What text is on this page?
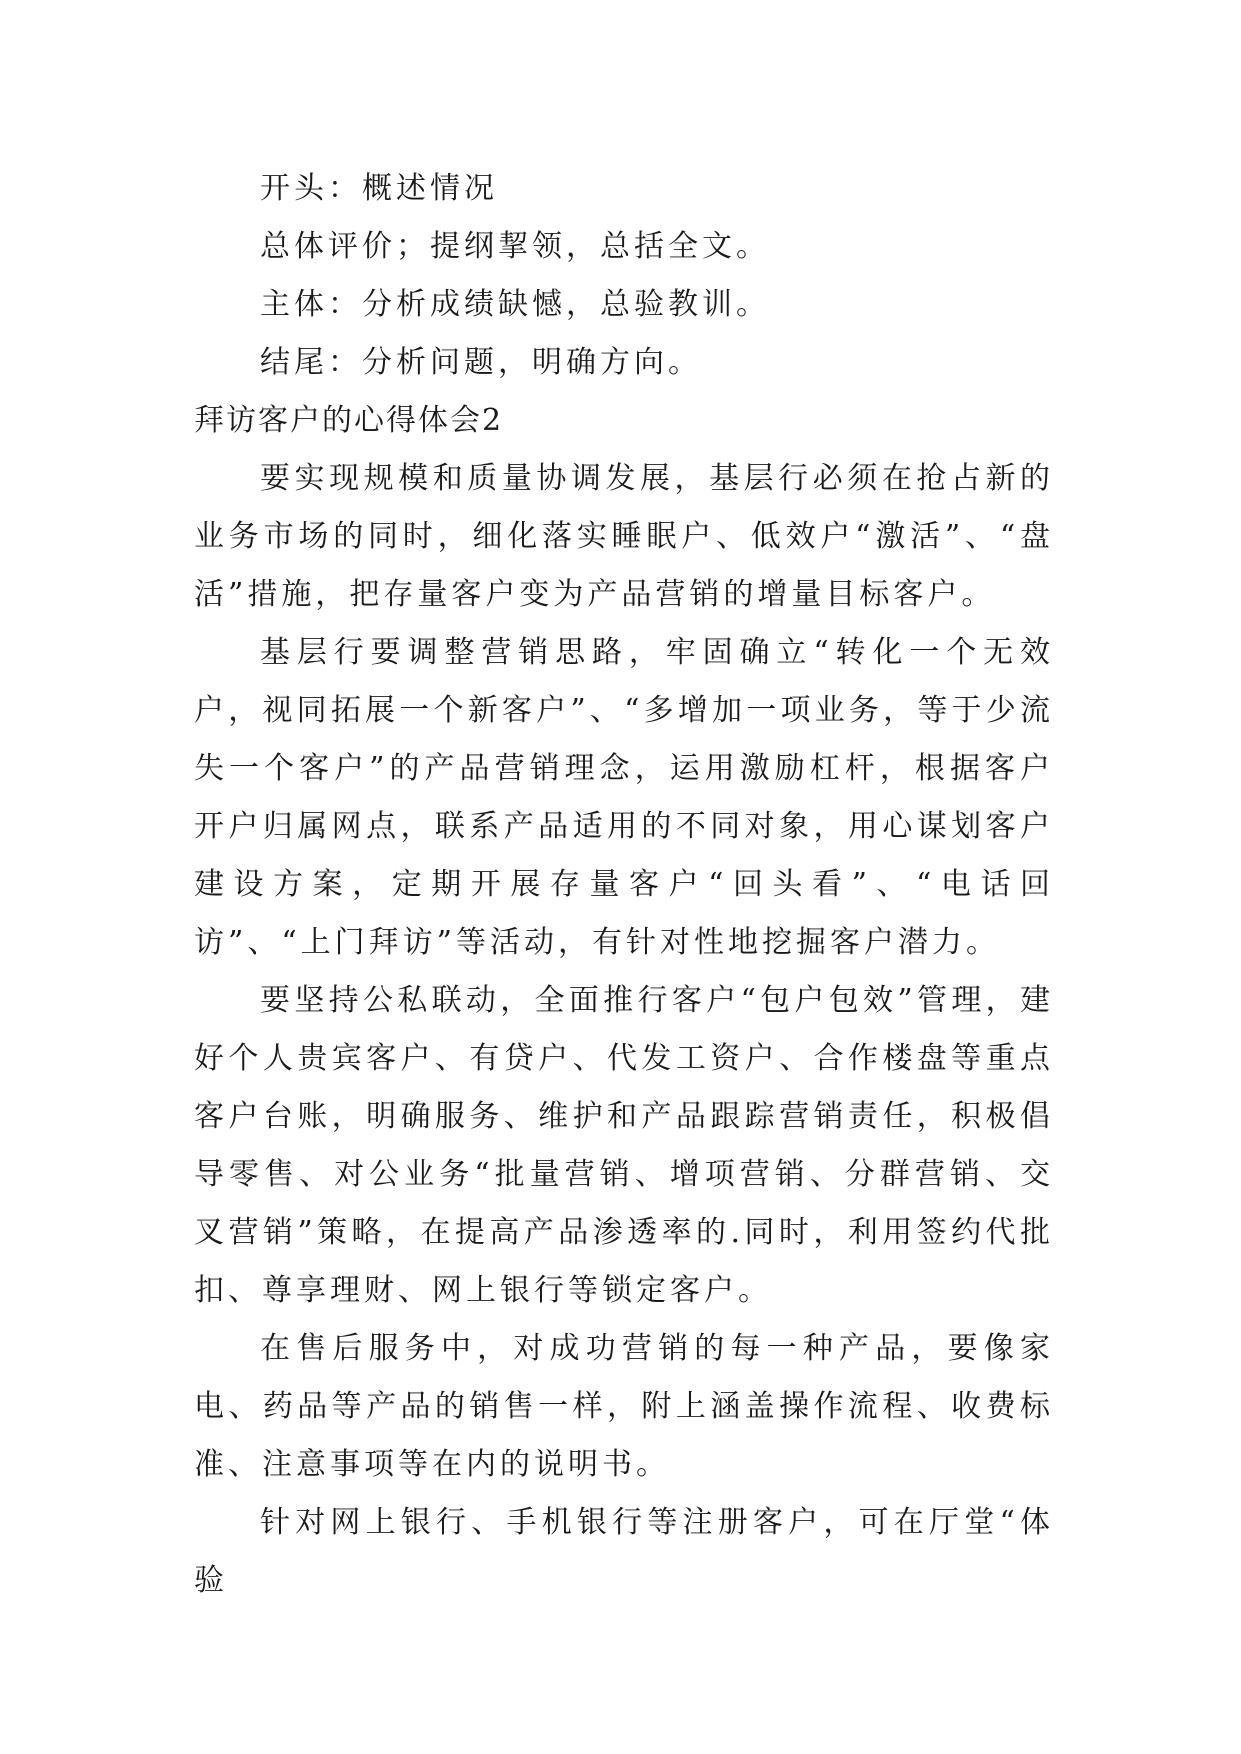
开头：概述情况

总体评价；提纲挈领，总括全文。

主体：分析成绩缺憾，总验教训。

结尾：分析问题，明确方向。

拜访客户的心得体会2

要实现规模和质量协调发展，基层行必须在抢占新的业务市场的同时，细化落实睡眠户、低效户“激活”、“盘活”措施，把存量客户变为产品营销的增量目标客户。

基层行要调整营销思路，牢固确立“转化一个无效户，视同拓展一个新客户”、“多增加一项业务，等于少流失一个客户”的产品营销理念，运用激励杠杆，根据客户开户归属网点，联系产品适用的不同对象，用心谋划客户建设方案，定期开展存量客户“回头看”、“电话回访”、“上门拜访”等活动，有针对性地挖掘客户潜力。

要坚持公私联动，全面推行客户“包户包效”管理，建好个人贵宾客户、有贷户、代发工资户、合作楼盘等重点客户台账，明确服务、维护和产品跟踪营销责任，积极倡导零售、对公业务“批量营销、增项营销、分群营销、交叉营销”策略，在提高产品渗透率的.同时，利用签约代批扣、尊享理财、网上银行等锁定客户。

在售后服务中，对成功营销的每一种产品，要像家电、药品等产品的销售一样，附上涵盖操作流程、收费标准、注意事项等在内的说明书。

针对网上银行、手机银行等注册客户，可在厅堂“体验
